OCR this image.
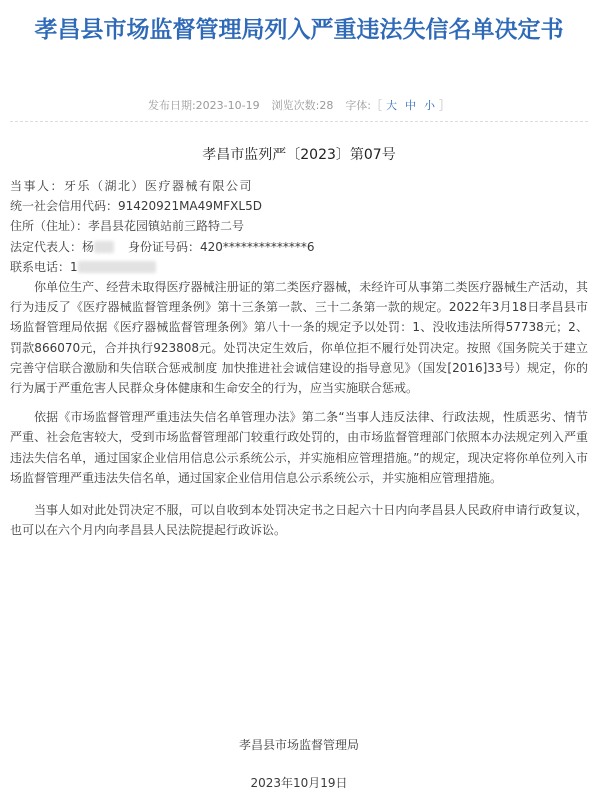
孝昌县市场监督管理局列入严重违法失信名单决定书
发布日期:2023-10-19 浏览次数:28 字体:［ 大 中 小 ］
孝昌市监列严〔2023〕第07号
当事人：牙乐（湖北）医疗器械有限公司
统一社会信用代码：91420921MA49MFXL5D
住所（住址）：孝昌县花园镇站前三路特二号
法定代表人：杨	身份证号码：420**************6
联系电话：1

你单位生产、经营未取得医疗器械注册证的第二类医疗器械，未经许可从事第二类医疗器械生产活动，其行为违反了《医疗器械监督管理条例》第十三条第一款、三十二条第一款的规定。2022年3月18日孝昌县市场监督管理局依据《医疗器械监督管理条例》第八十一条的规定予以处罚：1、没收违法所得57738元；2、罚款866070元，合并执行923808元。处罚决定生效后，你单位拒不履行处罚决定。按照《国务院关于建立完善守信联合激励和失信联合惩戒制度 加快推进社会诚信建设的指导意见》（国发[2016]33号）规定，你的行为属于严重危害人民群众身体健康和生命安全的行为，应当实施联合惩戒。

依据《市场监督管理严重违法失信名单管理办法》第二条“当事人违反法律、行政法规，性质恶劣、情节严重、社会危害较大，受到市场监督管理部门较重行政处罚的，由市场监督管理部门依照本办法规定列入严重违法失信名单，通过国家企业信用信息公示系统公示，并实施相应管理措施。”的规定，现决定将你单位列入市场监督管理严重违法失信名单，通过国家企业信用信息公示系统公示，并实施相应管理措施。

当事人如对此处罚决定不服，可以自收到本处罚决定书之日起六十日内向孝昌县人民政府申请行政复议，也可以在六个月内向孝昌县人民法院提起行政诉讼。

孝昌县市场监督管理局
2023年10月19日
